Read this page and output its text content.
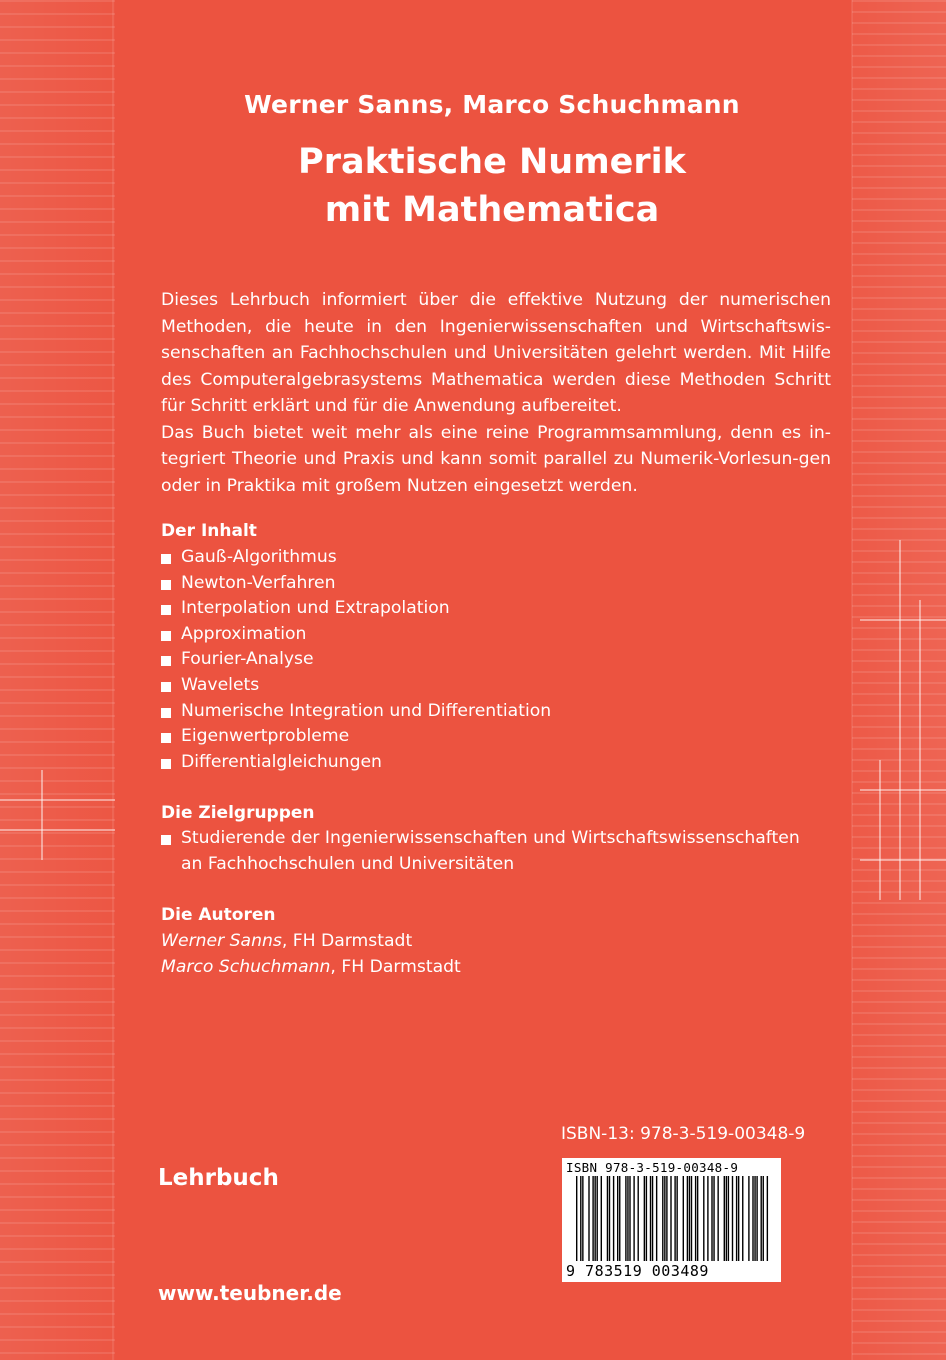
Werner Sanns, Marco Schuchmann
Praktische Numerik
mit Mathematica

Dieses Lehrbuch informiert über die effektive Nutzung der numerischen Methoden, die heute in den Ingenierwissenschaften und Wirtschaftswis-senschaften an Fachhochschulen und Universitäten gelehrt werden. Mit Hilfe des Computeralgebrasystems Mathematica werden diese Methoden Schritt für Schritt erklärt und für die Anwendung aufbereitet.

Das Buch bietet weit mehr als eine reine Programmsammlung, denn es in-tegriert Theorie und Praxis und kann somit parallel zu Numerik-Vorlesun-gen oder in Praktika mit großem Nutzen eingesetzt werden.

Der Inhalt
Gauß-Algorithmus
Newton-Verfahren
Interpolation und Extrapolation
Approximation
Fourier-Analyse
Wavelets
Numerische Integration und Differentiation
Eigenwertprobleme
Differentialgleichungen
Die Zielgruppen
Studierende der Ingenierwissenschaften und Wirtschaftswissenschaften
an Fachhochschulen und Universitäten
Die Autoren
Werner Sanns, FH Darmstadt
Marco Schuchmann, FH Darmstadt
ISBN-13: 978-3-519-00348-9
Lehrbuch
www.teubner.de
ISBN 978-3-519-00348-9
9 783519 003489
